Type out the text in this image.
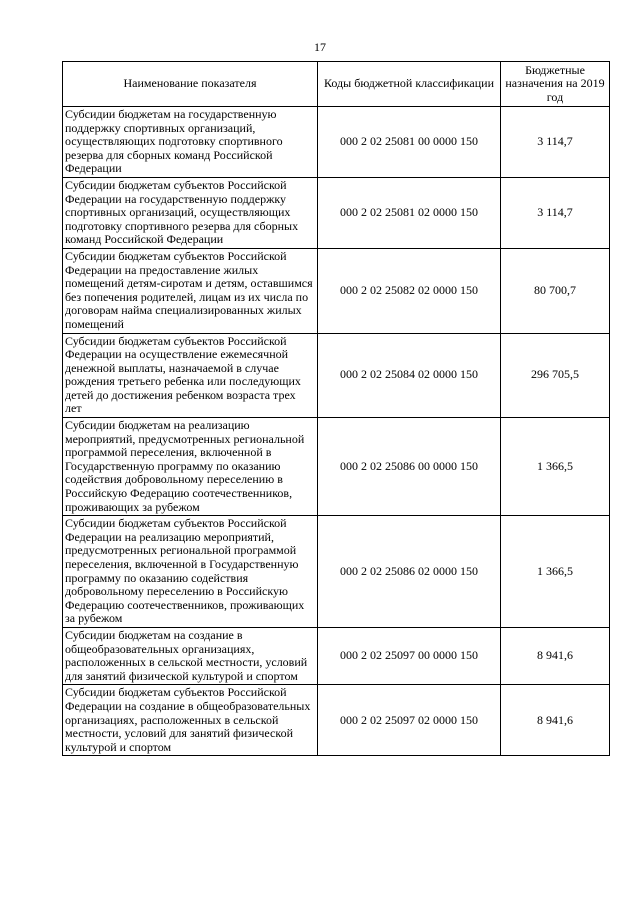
17
Наименование показателя	Коды бюджетной классификации	Бюджетные назначения на 2019 год
Субсидии бюджетам на государственную поддержку спортивных организаций, осуществляющих подготовку спортивного резерва для сборных команд Российской Федерации	000 2 02 25081 00 0000 150	3 114,7
Субсидии бюджетам субъектов Российской Федерации на государственную поддержку спортивных организаций, осуществляющих подготовку спортивного резерва для сборных команд Российской Федерации	000 2 02 25081 02 0000 150	3 114,7
Субсидии бюджетам субъектов Российской Федерации на предоставление жилых помещений детям-сиротам и детям, оставшимся без попечения родителей, лицам из их числа по договорам найма специализированных жилых помещений	000 2 02 25082 02 0000 150	80 700,7
Субсидии бюджетам субъектов Российской Федерации на осуществление ежемесячной денежной выплаты, назначаемой в случае рождения третьего ребенка или последующих детей до достижения ребенком возраста трех лет	000 2 02 25084 02 0000 150	296 705,5
Субсидии бюджетам на реализацию мероприятий, предусмотренных региональной программой переселения, включенной в Государственную программу по оказанию содействия добровольному переселению в Российскую Федерацию соотечественников, проживающих за рубежом	000 2 02 25086 00 0000 150	1 366,5
Субсидии бюджетам субъектов Российской Федерации на реализацию мероприятий, предусмотренных региональной программой переселения, включенной в Государственную программу по оказанию содействия добровольному переселению в Российскую Федерацию соотечественников, проживающих за рубежом	000 2 02 25086 02 0000 150	1 366,5
Субсидии бюджетам на создание в общеобразовательных организациях, расположенных в сельской местности, условий для занятий физической культурой и спортом	000 2 02 25097 00 0000 150	8 941,6
Субсидии бюджетам субъектов Российской Федерации на создание в общеобразовательных организациях, расположенных в сельской местности, условий для занятий физической культурой и спортом	000 2 02 25097 02 0000 150	8 941,6
